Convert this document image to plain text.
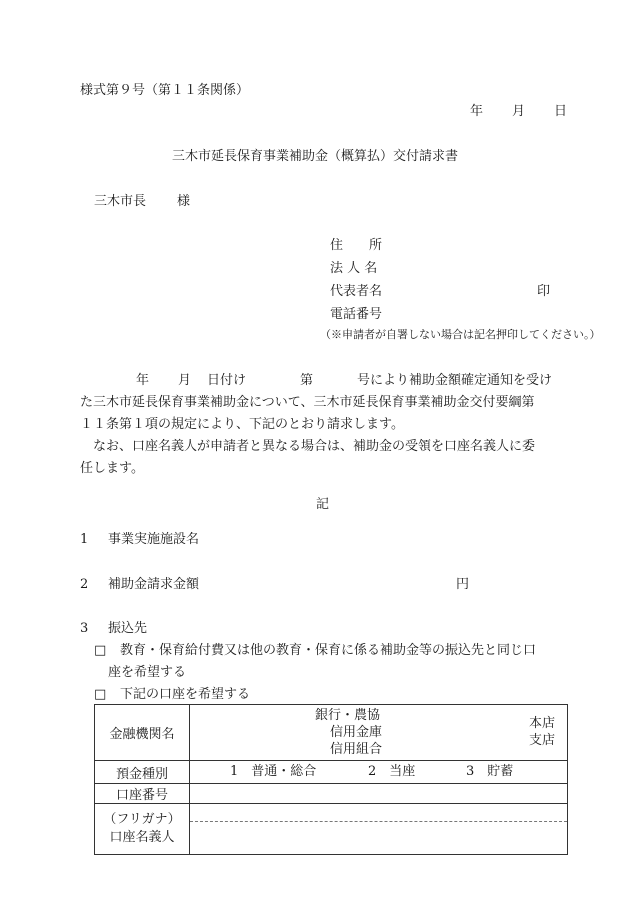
様式第９号（第１１条関係）
年 月 日
三木市延長保育事業補助金（概算払）交付請求書
三木市長 様
住　　所
法 人 名
代表者名	印
電話番号
（※申請者が自署しない場合は記名押印してください。）
年 月 日付け	第	号により補助金額確定通知を受け
た三木市延長保育事業補助金について、三木市延長保育事業補助金交付要綱第
１１条第１項の規定により、下記のとおり請求します。
なお、口座名義人が申請者と異なる場合は、補助金の受領を口座名義人に委
任します。
記
1 事業実施施設名
2 補助金請求金額	円
3 振込先
□ 教育・保育給付費又は他の教育・保育に係る補助金等の振込先と同じ口
座を希望する
□ 下記の口座を希望する
金融機関名	銀行・農協
信用金庫
信用組合
本店
支店

預金種別	1　普通・総合 2　当座 3　貯蓄

口座番号	

（フリガナ）
口座名義人	
